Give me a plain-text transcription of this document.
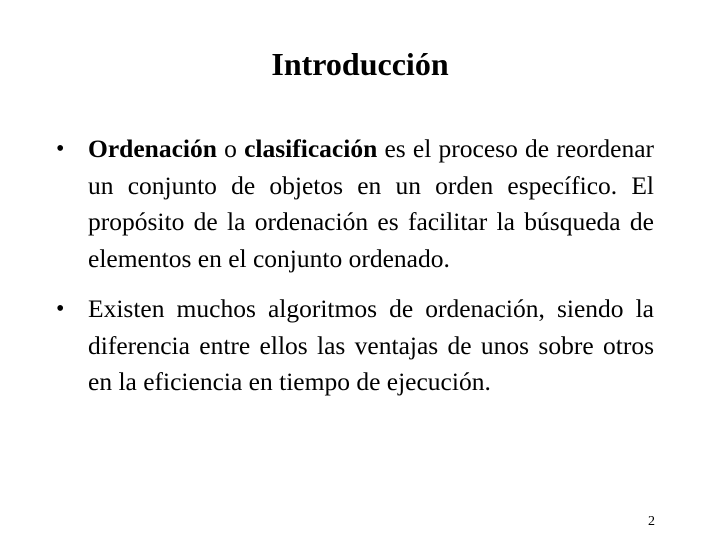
Introducción
• Ordenación o clasificación es el proceso de reordenar un conjunto de objetos en un orden específico. El propósito de la ordenación es facilitar la búsqueda de elementos en el conjunto ordenado.
• Existen muchos algoritmos de ordenación, siendo la diferencia entre ellos las ventajas de unos sobre otros en la eficiencia en tiempo de ejecución.
2
